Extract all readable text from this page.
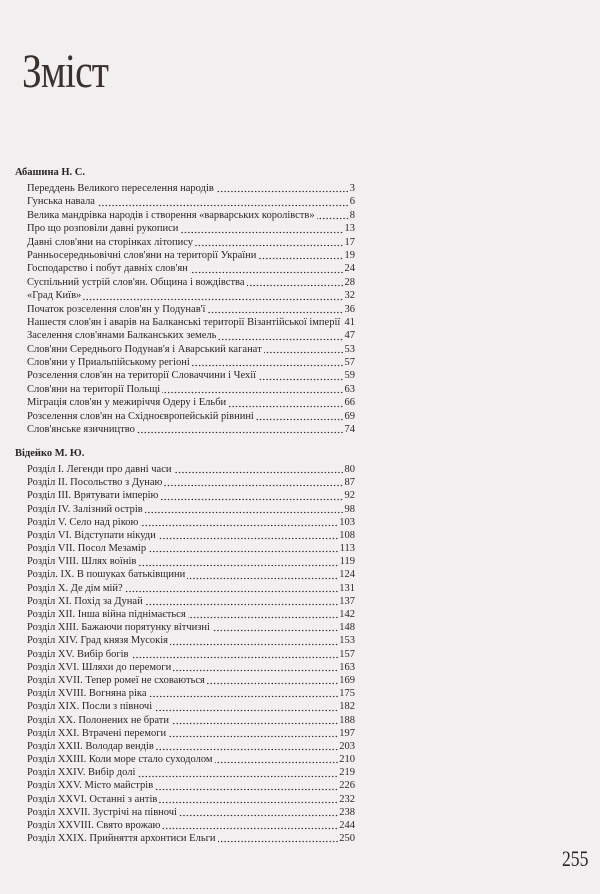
Зміст
Абашина Н. С.
Переддень Великого переселення народів	3
Гунська навала	6
Велика мандрівка народів і створення «варварських королівств»	8
Про що розповіли давні рукописи	13
Давні слов'яни на сторінках літопису	17
Ранньосередньовічні слов'яни на території України	19
Господарство і побут давніх слов'ян	24
Суспільний устрій слов'ян. Община і вождівства	28
«Град Київ»	32
Початок розселення слов'ян у Подунав'ї	36
Нашестя слов'ян і аварів на Балканські території Візантійської імперії 41
Заселення слов'янами Балканських земель	47
Слов'яни Середнього Подунав'я і Аварський каганат	53
Слов'яни у Приальпійському регіоні	57
Розселення слов'ян на території Словаччини і Чехії	59
Слов'яни на території Польщі	63
Міграція слов'ян у межиріччя Одеру і Ельби	66
Розселення слов'ян на Східноєвропейській рівнині	69
Слов'янське язичництво	74
Відейко М. Ю.
Розділ І. Легенди про давні часи	80
Розділ ІІ. Посольство з Дунаю	87
Розділ ІІІ. Врятувати імперію	92
Розділ IV. Залізний острів	98
Розділ V. Село над рікою	103
Розділ VI. Відступати нікуди	108
Розділ VII. Посол Мезамір	113
Розділ VIII. Шлях воїнів	119
Розділ. IX. В пошуках батьківщини	124
Розділ X. Де дім мій?	131
Розділ XI. Похід за Дунай	137
Розділ XII. Інша війна піднімається	142
Розділ XIII. Бажаючи порятунку вітчизні	148
Розділ XIV. Град князя Мусокія	153
Розділ XV. Вибір богів	157
Розділ XVI. Шляхи до перемоги	163
Розділ XVII. Тепер ромеї не сховаються	169
Розділ XVIII. Вогняна ріка	175
Розділ XIX. Посли з півночі	182
Розділ XX. Полонених не брати	188
Розділ XXI. Втрачені перемоги	197
Розділ XXII. Володар вендів	203
Розділ XXIII. Коли море стало суходолом	210
Розділ XXIV. Вибір долі	219
Розділ XXV. Місто майстрів	226
Розділ XXVI. Останні з антів	232
Розділ XXVII. Зустрічі на півночі	238
Розділ XXVIII. Свято врожаю	244
Розділ XXIX. Прийняття архонтиси Ельги	250
255
